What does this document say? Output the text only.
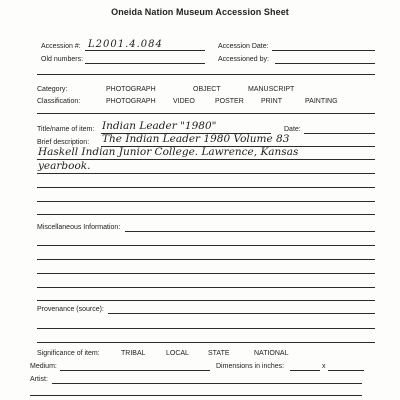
Oneida Nation Museum Accession Sheet
Accession #: L2001.4.084	Accession Date:
Old numbers:	Accessioned by:
Category:	PHOTOGRAPH	OBJECT	MANUSCRIPT
Classification:	PHOTOGRAPH VIDEO	POSTER PRINT	PAINTING
Title/name of item: Indian Leader "1980"	Date:
Brief description: The Indian Leader 1980 Volume 83
Haskell Indian Junior College. Lawrence, Kansas
yearbook.
Miscellaneous Information:
Provenance (source):
Significance of item:	TRIBAL	LOCAL	STATE	NATIONAL
Medium:	Dimensions in inches:	x
Artist:
